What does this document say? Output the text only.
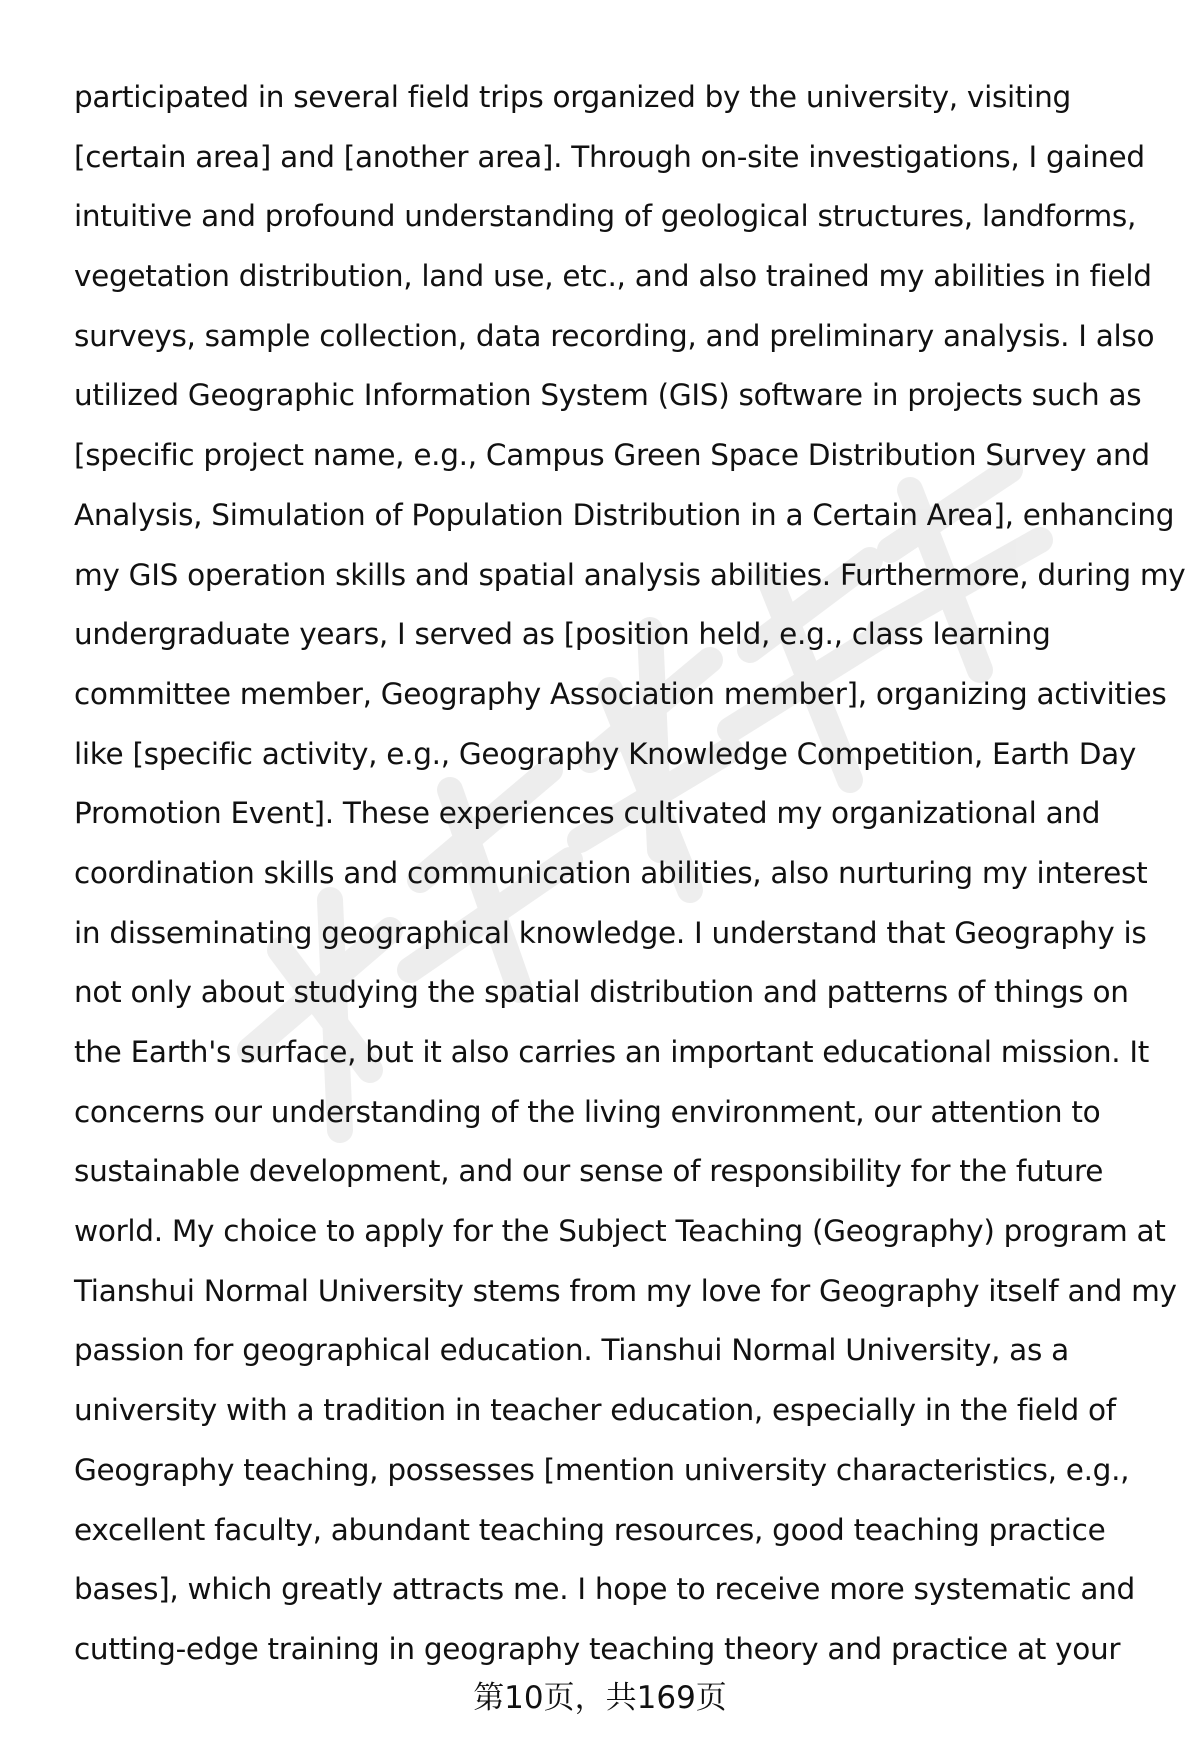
participated in several field trips organized by the university, visiting
[certain area] and [another area]. Through on-site investigations, I gained
intuitive and profound understanding of geological structures, landforms,
vegetation distribution, land use, etc., and also trained my abilities in field
surveys, sample collection, data recording, and preliminary analysis. I also
utilized Geographic Information System (GIS) software in projects such as
[specific project name, e.g., Campus Green Space Distribution Survey and
Analysis, Simulation of Population Distribution in a Certain Area], enhancing
my GIS operation skills and spatial analysis abilities. Furthermore, during my
undergraduate years, I served as [position held, e.g., class learning
committee member, Geography Association member], organizing activities
like [specific activity, e.g., Geography Knowledge Competition, Earth Day
Promotion Event]. These experiences cultivated my organizational and
coordination skills and communication abilities, also nurturing my interest
in disseminating geographical knowledge. I understand that Geography is
not only about studying the spatial distribution and patterns of things on
the Earth's surface, but it also carries an important educational mission. It
concerns our understanding of the living environment, our attention to
sustainable development, and our sense of responsibility for the future
world. My choice to apply for the Subject Teaching (Geography) program at
Tianshui Normal University stems from my love for Geography itself and my
passion for geographical education. Tianshui Normal University, as a
university with a tradition in teacher education, especially in the field of
Geography teaching, possesses [mention university characteristics, e.g.,
excellent faculty, abundant teaching resources, good teaching practice
bases], which greatly attracts me. I hope to receive more systematic and
cutting-edge training in geography teaching theory and practice at your
第10页，共169页
